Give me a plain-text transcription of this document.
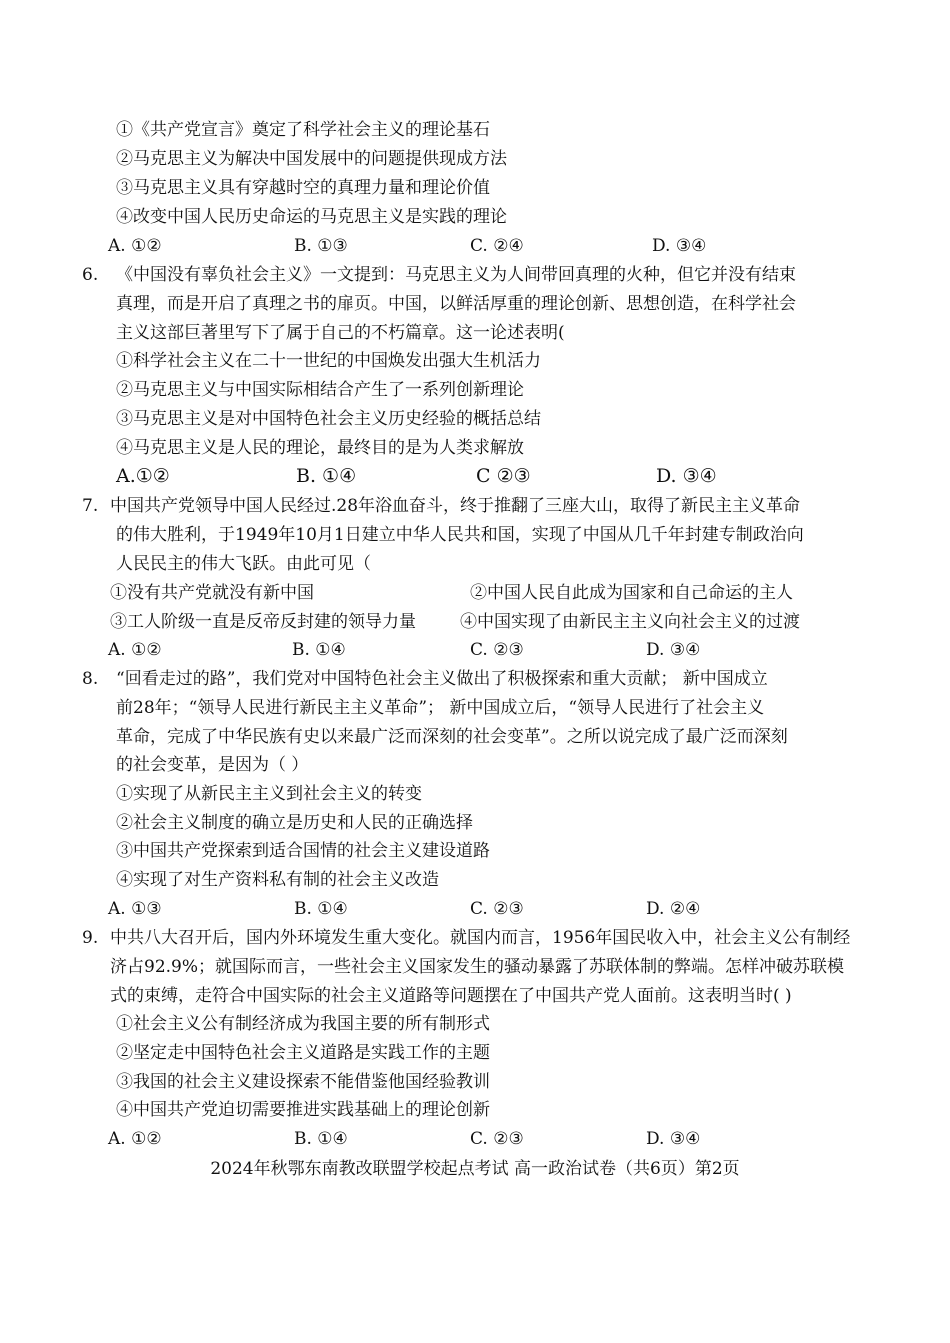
①《共产党宣言》奠定了科学社会主义的理论基石
②马克思主义为解决中国发展中的问题提供现成方法
③马克思主义具有穿越时空的真理力量和理论价值
④改变中国人民历史命运的马克思主义是实践的理论
A. ①②	B. ①③	C. ②④	D. ③④
6. 《中国没有辜负社会主义》一文提到：马克思主义为人间带回真理的火种，但它并没有结束
真理，而是开启了真理之书的扉页。中国，以鲜活厚重的理论创新、思想创造，在科学社会
主义这部巨著里写下了属于自己的不朽篇章。这一论述表明(
①科学社会主义在二十一世纪的中国焕发出强大生机活力
②马克思主义与中国实际相结合产生了一系列创新理论
③马克思主义是对中国特色社会主义历史经验的概括总结
④马克思主义是人民的理论，最终目的是为人类求解放
A.①②	B. ①④	C ②③	D. ③④
7. 中国共产党领导中国人民经过.28年浴血奋斗，终于推翻了三座大山，取得了新民主主义革命
的伟大胜利，于1949年10月1日建立中华人民共和国，实现了中国从几千年封建专制政治向
人民民主的伟大飞跃。由此可见（
①没有共产党就没有新中国	②中国人民自此成为国家和自己命运的主人
③工人阶级一直是反帝反封建的领导力量	④中国实现了由新民主主义向社会主义的过渡
A. ①②	B. ①④	C. ②③	D. ③④
8. “回看走过的路”，我们党对中国特色社会主义做出了积极探索和重大贡献； 新中国成立
前28年；“领导人民进行新民主主义革命”； 新中国成立后，“领导人民进行了社会主义
革命，完成了中华民族有史以来最广泛而深刻的社会变革”。之所以说完成了最广泛而深刻
的社会变革，是因为（ ）
①实现了从新民主主义到社会主义的转变
②社会主义制度的确立是历史和人民的正确选择
③中国共产党探索到适合国情的社会主义建设道路
④实现了对生产资料私有制的社会主义改造
A. ①③	B. ①④	C. ②③	D. ②④
9. 中共八大召开后，国内外环境发生重大变化。就国内而言，1956年国民收入中，社会主义公有制经
济占92.9%；就国际而言，一些社会主义国家发生的骚动暴露了苏联体制的弊端。怎样冲破苏联模
式的束缚，走符合中国实际的社会主义道路等问题摆在了中国共产党人面前。这表明当时( )
①社会主义公有制经济成为我国主要的所有制形式
②坚定走中国特色社会主义道路是实践工作的主题
③我国的社会主义建设探索不能借鉴他国经验教训
④中国共产党迫切需要推进实践基础上的理论创新
A. ①②	B. ①④	C. ②③	D. ③④
2024年秋鄂东南教改联盟学校起点考试 高一政治试卷（共6页）第2页
